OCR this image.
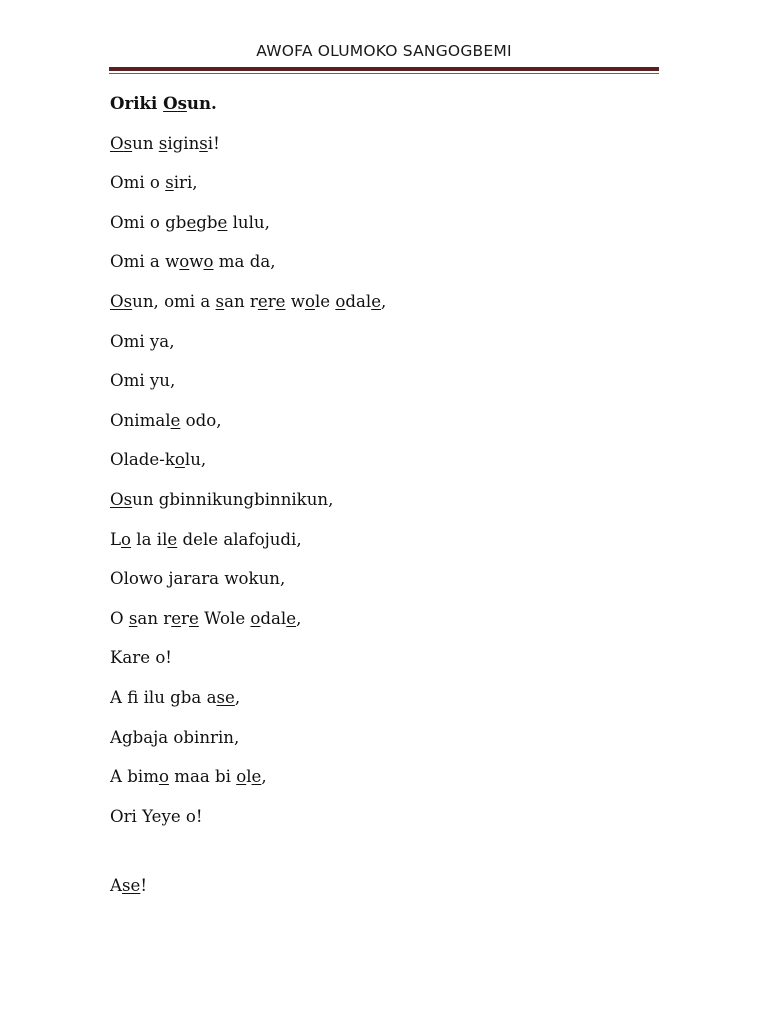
AWOFA OLUMOKO SANGOGBEMI
Oriki Osun.
Osun siginsi!
Omi o siri,
Omi o gbegbe lulu,
Omi a wowo ma da,
Osun, omi a san rere wole odale,
Omi ya,
Omi yu,
Onimale odo,
Olade-kolu,
Osun gbinnikungbinnikun,
Lo la ile dele alafojudi,
Olowo jarara wokun,
O san rere Wole odale,
Kare o!
A fi ilu gba ase,
Agbaja obinrin,
A bimo maa bi ole,
Ori Yeye o!
Ase!
